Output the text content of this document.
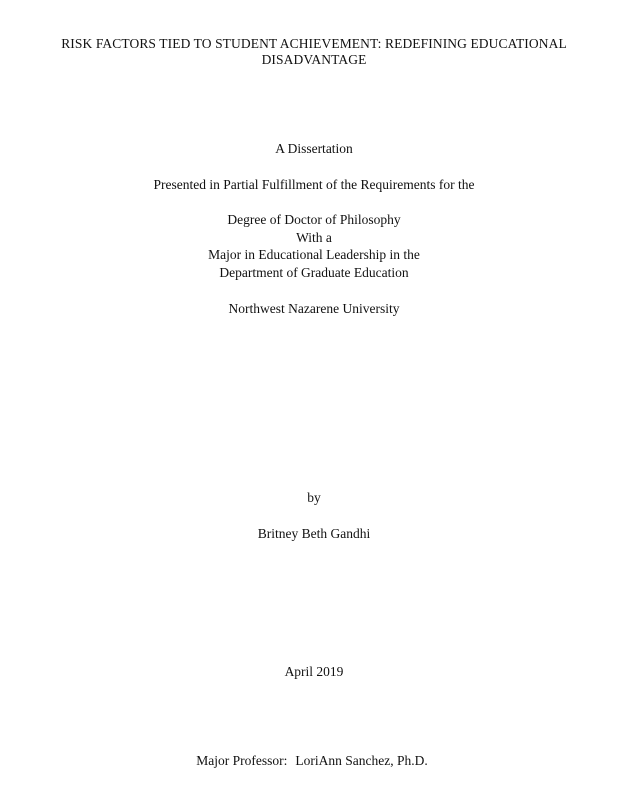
RISK FACTORS TIED TO STUDENT ACHIEVEMENT: REDEFINING EDUCATIONAL
DISADVANTAGE
A Dissertation
Presented in Partial Fulfillment of the Requirements for the
Degree of Doctor of Philosophy
With a
Major in Educational Leadership in the
Department of Graduate Education
Northwest Nazarene University
by
Britney Beth Gandhi
April 2019
Major Professor: LoriAnn Sanchez, Ph.D.
